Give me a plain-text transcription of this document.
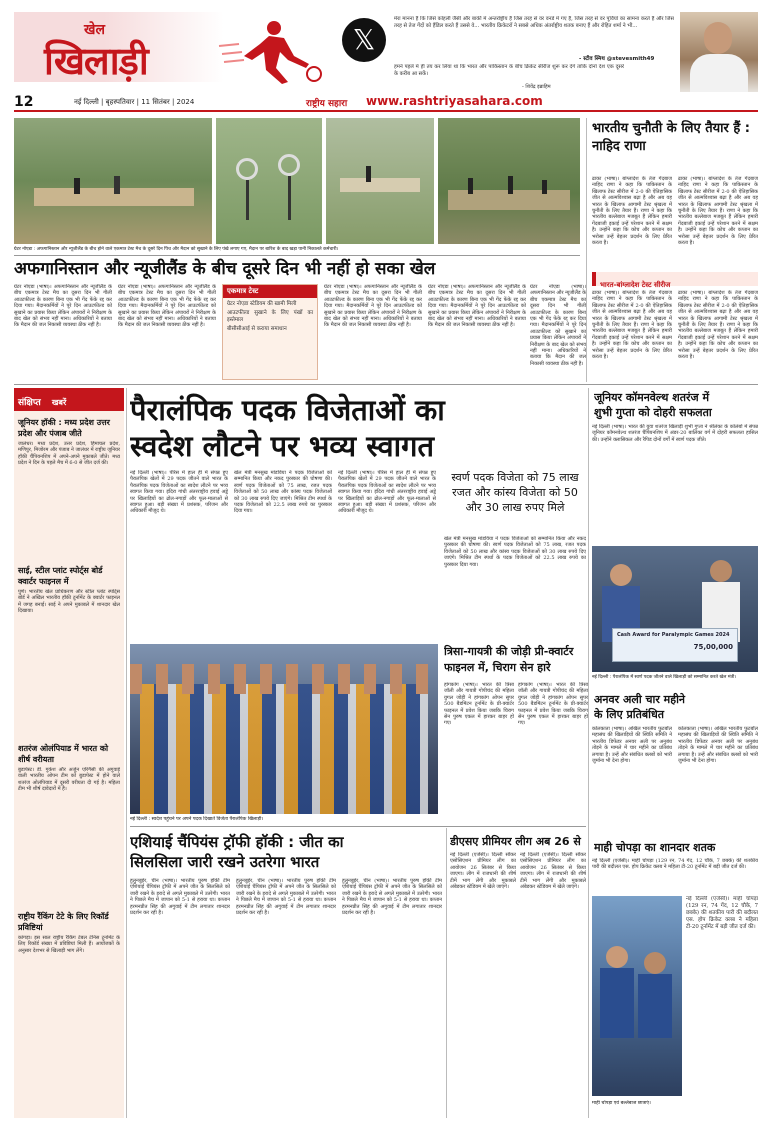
खेल
खिलाड़ी	𝕏
मेरा मानना है कि जिसे कोहली जैसी और बाकी में अन्तर्राष्ट्रीय हैं जिस तरह से वर वनडे में गए हैं, जिस तरह से वर पूर्वियों का सामना करते हैं और जिस तरह से तेज गेंदों को हैंडिल करते हैं उससे वे... भारतीय क्रिकेटरों ने सबसे अधिक अंतर्राष्ट्रीय शतक बनाए हैं और रोहित शर्मा ने भी...
- स्टीव स्मिथ @stevesmith49
हमने पहले में ही तय कर लिया था कि भारत और पाकिस्तान के बीच क्रिकेट सीरीज शुरू कर देंगे ताकि दोनों देश एक दूसरे के करीब आ सकें।
- शिवेंद्र इब्राहिम
12	नई दिल्ली | बृहस्पतिवार | 11 सितंबर | 2024	राष्ट्रीय सहारा www.rashtriyasahara.com
ग्रेटर नोएडा : अफगानिस्तान और न्यूजीलैंड के बीच होने वाले एकमात्र टेस्ट मैच के दूसरे दिन पिच और मैदान को सुखाने के लिए पंखे लगाए गए, मैदान पर बारिश के बाद खड़ा पानी निकालते कर्मचारी।
भारतीय चुनौती के लिए तैयार हैं : नाहिद राणा
ढाका (भाषा)। बांग्लादेश के तेज गेंदबाज नाहिद राणा ने कहा कि पाकिस्तान के खिलाफ टेस्ट सीरीज में 2-0 की ऐतिहासिक जीत से आत्मविश्वास बढ़ा है और अब वह भारत के खिलाफ आगामी टेस्ट श्रृंखला में चुनौती के लिए तैयार हैं। राणा ने कहा कि भारतीय बल्लेबाज मजबूत हैं लेकिन हमारी गेंदबाजी इकाई उन्हें परेशान करने में सक्षम है। उन्होंने कहा कि कोच और कप्तान का भरोसा उन्हें बेहतर प्रदर्शन के लिए प्रेरित करता है।
ढाका (भाषा)। बांग्लादेश के तेज गेंदबाज नाहिद राणा ने कहा कि पाकिस्तान के खिलाफ टेस्ट सीरीज में 2-0 की ऐतिहासिक जीत से आत्मविश्वास बढ़ा है और अब वह भारत के खिलाफ आगामी टेस्ट श्रृंखला में चुनौती के लिए तैयार हैं। राणा ने कहा कि भारतीय बल्लेबाज मजबूत हैं लेकिन हमारी गेंदबाजी इकाई उन्हें परेशान करने में सक्षम है। उन्होंने कहा कि कोच और कप्तान का भरोसा उन्हें बेहतर प्रदर्शन के लिए प्रेरित करता है।
अफगानिस्तान और न्यूजीलैंड के बीच दूसरे दिन भी नहीं हो सका खेल
ग्रेटर नोएडा (भाषा)। अफगानिस्तान और न्यूजीलैंड के बीच एकमात्र टेस्ट मैच का दूसरा दिन भी गीली आउटफील्ड के कारण बिना एक भी गेंद फेंके रद्द कर दिया गया। मैदानकर्मियों ने पूरे दिन आउटफील्ड को सुखाने का प्रयास किया लेकिन अंपायरों ने निरीक्षण के बाद खेल को संभव नहीं माना। अधिकारियों ने बताया कि मैदान की जल निकासी व्यवस्था ठीक नहीं है।
ग्रेटर नोएडा (भाषा)। अफगानिस्तान और न्यूजीलैंड के बीच एकमात्र टेस्ट मैच का दूसरा दिन भी गीली आउटफील्ड के कारण बिना एक भी गेंद फेंके रद्द कर दिया गया। मैदानकर्मियों ने पूरे दिन आउटफील्ड को सुखाने का प्रयास किया लेकिन अंपायरों ने निरीक्षण के बाद खेल को संभव नहीं माना। अधिकारियों ने बताया कि मैदान की जल निकासी व्यवस्था ठीक नहीं है।
एकमात्र टेस्ट
ग्रेटर नोएडा स्टेडियम की खामी मिली
आउटफील्ड सुखाने के लिए पंखों का इस्तेमाल
बीसीसीआई से कराया समाधान
ग्रेटर नोएडा (भाषा)। अफगानिस्तान और न्यूजीलैंड के बीच एकमात्र टेस्ट मैच का दूसरा दिन भी गीली आउटफील्ड के कारण बिना एक भी गेंद फेंके रद्द कर दिया गया। मैदानकर्मियों ने पूरे दिन आउटफील्ड को सुखाने का प्रयास किया लेकिन अंपायरों ने निरीक्षण के बाद खेल को संभव नहीं माना। अधिकारियों ने बताया कि मैदान की जल निकासी व्यवस्था ठीक नहीं है।
ग्रेटर नोएडा (भाषा)। अफगानिस्तान और न्यूजीलैंड के बीच एकमात्र टेस्ट मैच का दूसरा दिन भी गीली आउटफील्ड के कारण बिना एक भी गेंद फेंके रद्द कर दिया गया। मैदानकर्मियों ने पूरे दिन आउटफील्ड को सुखाने का प्रयास किया लेकिन अंपायरों ने निरीक्षण के बाद खेल को संभव नहीं माना। अधिकारियों ने बताया कि मैदान की जल निकासी व्यवस्था ठीक नहीं है।
ग्रेटर नोएडा (भाषा)। अफगानिस्तान और न्यूजीलैंड के बीच एकमात्र टेस्ट मैच का दूसरा दिन भी गीली आउटफील्ड के कारण बिना एक भी गेंद फेंके रद्द कर दिया गया। मैदानकर्मियों ने पूरे दिन आउटफील्ड को सुखाने का प्रयास किया लेकिन अंपायरों ने निरीक्षण के बाद खेल को संभव नहीं माना। अधिकारियों ने बताया कि मैदान की जल निकासी व्यवस्था ठीक नहीं है।
भारत-बांग्लादेश टेस्ट सीरीज
ढाका (भाषा)। बांग्लादेश के तेज गेंदबाज नाहिद राणा ने कहा कि पाकिस्तान के खिलाफ टेस्ट सीरीज में 2-0 की ऐतिहासिक जीत से आत्मविश्वास बढ़ा है और अब वह भारत के खिलाफ आगामी टेस्ट श्रृंखला में चुनौती के लिए तैयार हैं। राणा ने कहा कि भारतीय बल्लेबाज मजबूत हैं लेकिन हमारी गेंदबाजी इकाई उन्हें परेशान करने में सक्षम है। उन्होंने कहा कि कोच और कप्तान का भरोसा उन्हें बेहतर प्रदर्शन के लिए प्रेरित करता है।
ढाका (भाषा)। बांग्लादेश के तेज गेंदबाज नाहिद राणा ने कहा कि पाकिस्तान के खिलाफ टेस्ट सीरीज में 2-0 की ऐतिहासिक जीत से आत्मविश्वास बढ़ा है और अब वह भारत के खिलाफ आगामी टेस्ट श्रृंखला में चुनौती के लिए तैयार हैं। राणा ने कहा कि भारतीय बल्लेबाज मजबूत हैं लेकिन हमारी गेंदबाजी इकाई उन्हें परेशान करने में सक्षम है। उन्होंने कहा कि कोच और कप्तान का भरोसा उन्हें बेहतर प्रदर्शन के लिए प्रेरित करता है।
संक्षिप्त खबरें
जूनियर हॉकी : मध्य प्रदेश उत्तर प्रदेश और पंजाब जीते
जालंधर। मध्य प्रदेश, उत्तर प्रदेश, हिमाचल प्रदेश, मणिपुर, मिजोरम और पंजाब ने जालंधर में राष्ट्रीय जूनियर हॉकी चैंपियनशिप में अपने-अपने मुकाबले जीते। मध्य प्रदेश ने दिन के पहले मैच में 6-0 से जीत दर्ज की।
साई, स्टील प्लांट स्पोर्ट्स बोर्ड क्वार्टर फाइनल में
पुणे। भारतीय खेल प्राधिकरण और स्टील प्लांट स्पोर्ट्स बोर्ड ने अखिल भारतीय हॉकी टूर्नामेंट के क्वार्टर फाइनल में जगह बनाई। साई ने अपने मुकाबले में शानदार खेल दिखाया।
शतरंज ओलंपियाड में भारत को शीर्ष वरीयता
बुडापेस्ट। डी. गुकेश और अर्जुन एरिगैसी की अगुवाई वाली भारतीय ओपन टीम को बुडापेस्ट में होने वाले शतरंज ओलंपियाड में दूसरी वरीयता दी गई है। महिला टीम भी शीर्ष दावेदारों में है।
राष्ट्रीय रैंकिंग टेटे के लिए रिकॉर्ड प्रविष्टियां
कांगड़ा। इस साल राष्ट्रीय रैंकिंग टेबल टेनिस टूर्नामेंट के लिए रिकॉर्ड संख्या में प्रविष्टियां मिली हैं। आयोजकों के अनुसार देशभर से खिलाड़ी भाग लेंगे।
पैरालंपिक पदक विजेताओं का
स्वदेश लौटने पर भव्य स्वागत
जूनियर कॉमनवेल्थ शतरंज में
शुभी गुप्ता को दोहरी सफलता
नई दिल्ली (भाषा)। भारत की युवा शतरंज खिलाड़ी शुभी गुप्ता ने श्रीलंका के कोलंबो में संपन्न जूनियर कॉमनवेल्थ शतरंज चैंपियनशिप में अंडर-20 बालिका वर्ग में दोहरी सफलता हासिल की। उन्होंने क्लासिकल और रैपिड दोनों वर्गों में स्वर्ण पदक जीते।
नई दिल्ली (भाषा)। पेरिस में हाल ही में संपन्न हुए पैरालंपिक खेलों में 29 पदक जीतने वाले भारत के पैरालंपिक पदक विजेताओं का स्वदेश लौटने पर भव्य स्वागत किया गया। इंदिरा गांधी अंतरराष्ट्रीय हवाई अड्डे पर खिलाड़ियों का ढोल-नगाड़ों और फूल-मालाओं से स्वागत हुआ। बड़ी संख्या में प्रशंसक, परिजन और अधिकारी मौजूद थे।
खेल मंत्री मनसुख मांडविया ने पदक विजेताओं को सम्मानित किया और नकद पुरस्कार की घोषणा की। स्वर्ण पदक विजेताओं को 75 लाख, रजत पदक विजेताओं को 50 लाख और कांस्य पदक विजेताओं को 30 लाख रुपये दिए जाएंगे। मिश्रित टीम स्पर्धा के पदक विजेताओं को 22.5 लाख रुपये का पुरस्कार दिया गया।
नई दिल्ली (भाषा)। पेरिस में हाल ही में संपन्न हुए पैरालंपिक खेलों में 29 पदक जीतने वाले भारत के पैरालंपिक पदक विजेताओं का स्वदेश लौटने पर भव्य स्वागत किया गया। इंदिरा गांधी अंतरराष्ट्रीय हवाई अड्डे पर खिलाड़ियों का ढोल-नगाड़ों और फूल-मालाओं से स्वागत हुआ। बड़ी संख्या में प्रशंसक, परिजन और अधिकारी मौजूद थे।
स्वर्ण पदक विजेता को 75 लाख रजत और कांस्य विजेता को 50 और 30 लाख रुपए मिले
खेल मंत्री मनसुख मांडविया ने पदक विजेताओं को सम्मानित किया और नकद पुरस्कार की घोषणा की। स्वर्ण पदक विजेताओं को 75 लाख, रजत पदक विजेताओं को 50 लाख और कांस्य पदक विजेताओं को 30 लाख रुपये दिए जाएंगे। मिश्रित टीम स्पर्धा के पदक विजेताओं को 22.5 लाख रुपये का पुरस्कार दिया गया।
Cash Award for Paralympic Games 2024
75,00,000
नई दिल्ली : पैरालंपिक में स्वर्ण पदक जीतने वाले खिलाड़ी को सम्मानित करते खेल मंत्री।
नई दिल्ली : स्वदेश पहुंचने पर अपने पदक दिखाते विजेता पैरालंपिक खिलाड़ी।
त्रिसा-गायत्री की जोड़ी प्री-क्वार्टर
फाइनल में, चिराग सेन हारे
हांगकांग (भाषा)। भारत की त्रिसा जॉली और गायत्री गोपीचंद की महिला युगल जोड़ी ने हांगकांग ओपन सुपर 500 बैडमिंटन टूर्नामेंट के प्री-क्वार्टर फाइनल में प्रवेश किया जबकि चिराग सेन पुरुष एकल में हारकर बाहर हो गए।
हांगकांग (भाषा)। भारत की त्रिसा जॉली और गायत्री गोपीचंद की महिला युगल जोड़ी ने हांगकांग ओपन सुपर 500 बैडमिंटन टूर्नामेंट के प्री-क्वार्टर फाइनल में प्रवेश किया जबकि चिराग सेन पुरुष एकल में हारकर बाहर हो गए।
अनवर अली चार महीने
के लिए प्रतिबंधित
कोलकाता (भाषा)। अखिल भारतीय फुटबॉल महासंघ की खिलाड़ियों की स्थिति समिति ने भारतीय डिफेंडर अनवर अली पर अनुबंध तोड़ने के मामले में चार महीने का प्रतिबंध लगाया है। उन्हें और संबंधित क्लबों को भारी जुर्माना भी देना होगा।
कोलकाता (भाषा)। अखिल भारतीय फुटबॉल महासंघ की खिलाड़ियों की स्थिति समिति ने भारतीय डिफेंडर अनवर अली पर अनुबंध तोड़ने के मामले में चार महीने का प्रतिबंध लगाया है। उन्हें और संबंधित क्लबों को भारी जुर्माना भी देना होगा।
एशियाई चैंपियंस ट्रॉफी हॉकी : जीत का
सिलसिला जारी रखने उतरेगा भारत
हुलुनबुईर, चीन (भाषा)। भारतीय पुरुष हॉकी टीम एशियाई चैंपियंस ट्रॉफी में अपने जीत के सिलसिले को जारी रखने के इरादे से अगले मुकाबले में उतरेगी। भारत ने पिछले मैच में जापान को 5-1 से हराया था। कप्तान हरमनप्रीत सिंह की अगुवाई में टीम लगातार शानदार प्रदर्शन कर रही है।
हुलुनबुईर, चीन (भाषा)। भारतीय पुरुष हॉकी टीम एशियाई चैंपियंस ट्रॉफी में अपने जीत के सिलसिले को जारी रखने के इरादे से अगले मुकाबले में उतरेगी। भारत ने पिछले मैच में जापान को 5-1 से हराया था। कप्तान हरमनप्रीत सिंह की अगुवाई में टीम लगातार शानदार प्रदर्शन कर रही है।
हुलुनबुईर, चीन (भाषा)। भारतीय पुरुष हॉकी टीम एशियाई चैंपियंस ट्रॉफी में अपने जीत के सिलसिले को जारी रखने के इरादे से अगले मुकाबले में उतरेगी। भारत ने पिछले मैच में जापान को 5-1 से हराया था। कप्तान हरमनप्रीत सिंह की अगुवाई में टीम लगातार शानदार प्रदर्शन कर रही है।
डीएसए प्रीमियर लीग अब 26 से
नई दिल्ली (एजेंसी)। दिल्ली सॉकर एसोसिएशन प्रीमियर लीग का आयोजन 26 सितंबर से किया जाएगा। लीग में राजधानी की शीर्ष टीमें भाग लेंगी और मुकाबले अंबेडकर स्टेडियम में खेले जाएंगे।
नई दिल्ली (एजेंसी)। दिल्ली सॉकर एसोसिएशन प्रीमियर लीग का आयोजन 26 सितंबर से किया जाएगा। लीग में राजधानी की शीर्ष टीमें भाग लेंगी और मुकाबले अंबेडकर स्टेडियम में खेले जाएंगे।
माही चोपड़ा का शानदार शतक
नई दिल्ली (एजेंसी)। माही चोपड़ा (129 रन, 74 गेंद, 12 चौके, 7 छक्के) की शतकीय पारी की बदौलत एस. होप क्रिकेट क्लब ने महिला टी-20 टूर्नामेंट में बड़ी जीत दर्ज की।
नई दिल्ली (एजेंसी)। माही चोपड़ा (129 रन, 74 गेंद, 12 चौके, 7 छक्के) की शतकीय पारी की बदौलत एस. होप क्रिकेट क्लब ने महिला टी-20 टूर्नामेंट में बड़ी जीत दर्ज की।
माही चोपड़ा एवं बल्लेबाज छात्राएं।
